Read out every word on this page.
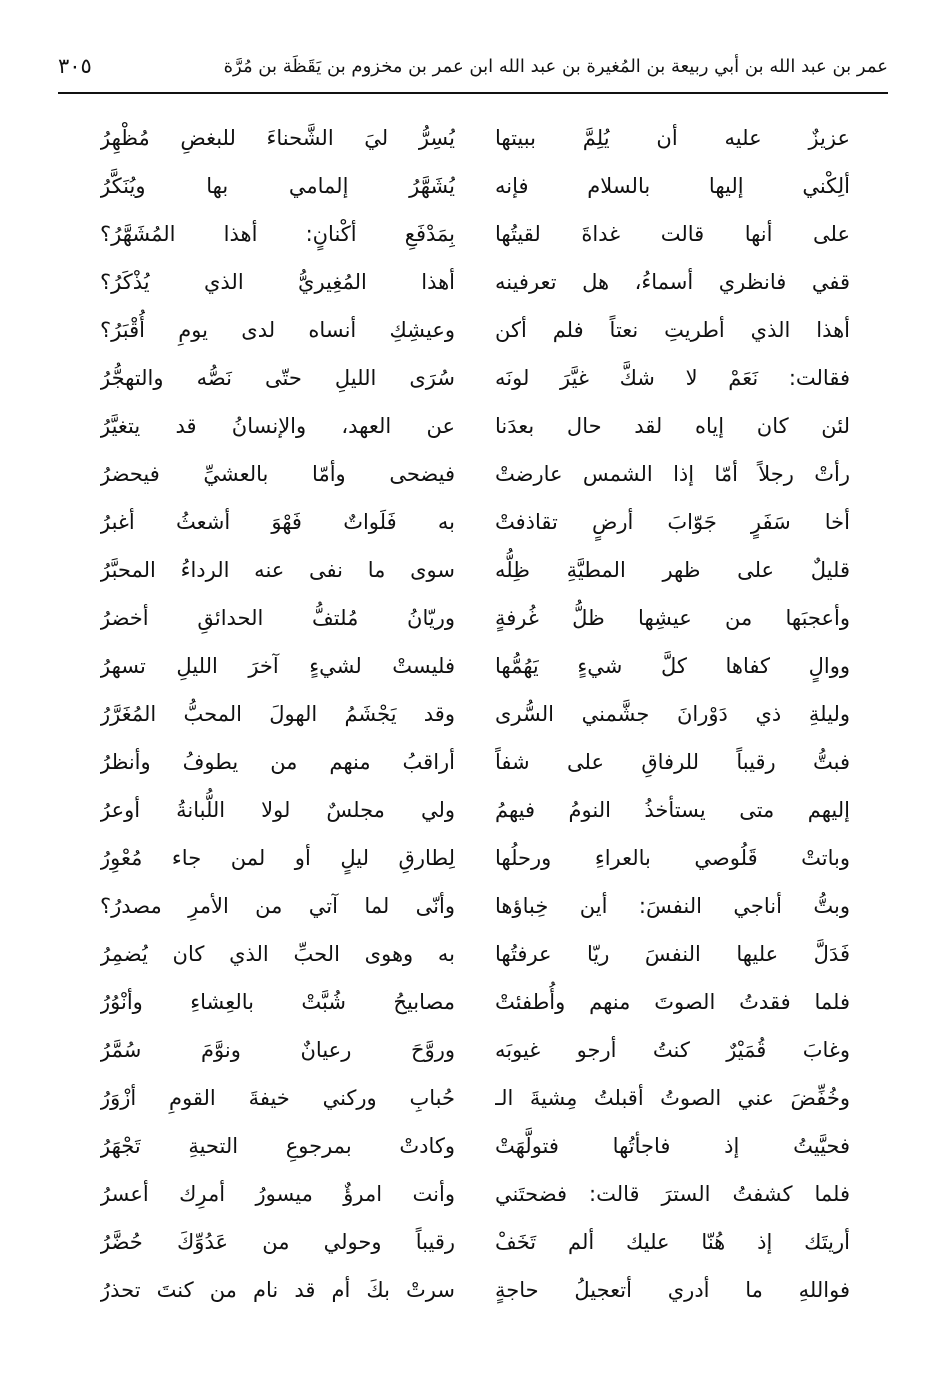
عمر بن عبد الله بن أبي ربيعة بن المُغيرة بن عبد الله ابن عمر بن مخزوم بن يَقَظَة بن مُرَّة
٣٠٥
عزيزٌ عليه أن يُلِمَّ ببيتها
يُسِرُّ ليَ الشَّحناءَ للبغضِ مُظْهِرُ
ألِكْني إليها بالسلام فإنه
يُشَهَّرُ إلمامي بها ويُنَكَّرُ
على أنها قالت غداةَ لقيتُها
بِمَدْفَعِ أكْنانٍ: أهذا المُشَهَّرُ؟
قفي فانظري أسماءُ، هل تعرفينه
أهذا المُغِيريُّ الذي يُذْكَرُ؟
أهذا الذي أطريتِ نعتاً فلم أكن
وعيشِكِ أنساه لدى يومِ أُقْبَرُ؟
فقالت: نَعَمْ لا شكَّ غيَّرَ لونَه
سُرَى الليلِ حتّى نَصُّه والتهجُّرُ
لئن كان إياه لقد حال بعدَنا
عن العهد، والإنسانُ قد يتغيَّرُ
رأتْ رجلاً أمّا إذا الشمس عارضتْ
فيضحى وأمّا بالعشيِّ فيحضرُ
أخا سَفَرٍ جَوّابَ أرضٍ تقاذفتْ
به فَلَواتٌ فَهْوَ أشعثُ أغبرُ
قليلٌ على ظهر المطيَّةِ ظِلُّه
سوى ما نفى عنه الرداءُ المحبَّرُ
وأعجبَها من عيشِها ظلُّ غُرفةٍ
وريّانُ مُلتفُّ الحدائقِ أخضرُ
ووالٍ كفاها كلَّ شيءٍ يَهُمُّها
فليستْ لشيءٍ آخرَ الليلِ تسهرُ
وليلةِ ذي دَوْرانَ جشَّمني السُّرى
وقد يَجْشَمُ الهولَ المحبُّ المُغَرَّرُ
فبتُّ رقيباً للرفاقِ على شفاً
أراقبُ منهم من يطوفُ وأنظرُ
إليهم متى يستأخذُ النومُ فيهمُ
ولي مجلسٌ لولا اللُّبانةُ أوعرُ
وباتتْ قَلُوصي بالعراءِ ورحلُها
لِطارقِ ليلٍ أو لمن جاء مُعْوِرُ
وبتُّ أناجي النفسَ: أين خِباؤها
وأنّى لما آتي من الأمرِ مصدرُ؟
فَدَلَّ عليها النفسَ ريّا عرفتُها
به وهوى الحبِّ الذي كان يُضمِرُ
فلما فقدتُ الصوتَ منهم وأُطفئتْ
مصابيحُ شُبَّتْ بالعِشاءِ وأنْوُرُ
وغابَ قُمَيْرٌ كنتُ أرجو غيوبَه
وروَّحَ رعيانٌ ونوَّمَ سُمَّرُ
وخُفِّضَ عني الصوتُ أقبلتُ مِشيةَ الـ
حُبابِ وركني خيفةَ القومِ أزْوَرُ
فحيَّيتُ إذ فاجأتُها فتولَّهَتْ
وكادتْ بمرجوعِ التحيةِ تَجْهَرُ
فلما كشفتُ السترَ قالت: فضحتَني
وأنت امرؤٌ ميسورُ أمرِك أعسرُ
أريتَك إذ هُنّا عليك ألم تَخَفْ
رقيباً وحولي من عَدُوِّكَ حُضَّرُ
فواللهِ ما أدري أتعجيلُ حاجةٍ
سرتْ بكَ أم قد نام من كنتَ تحذرُ
